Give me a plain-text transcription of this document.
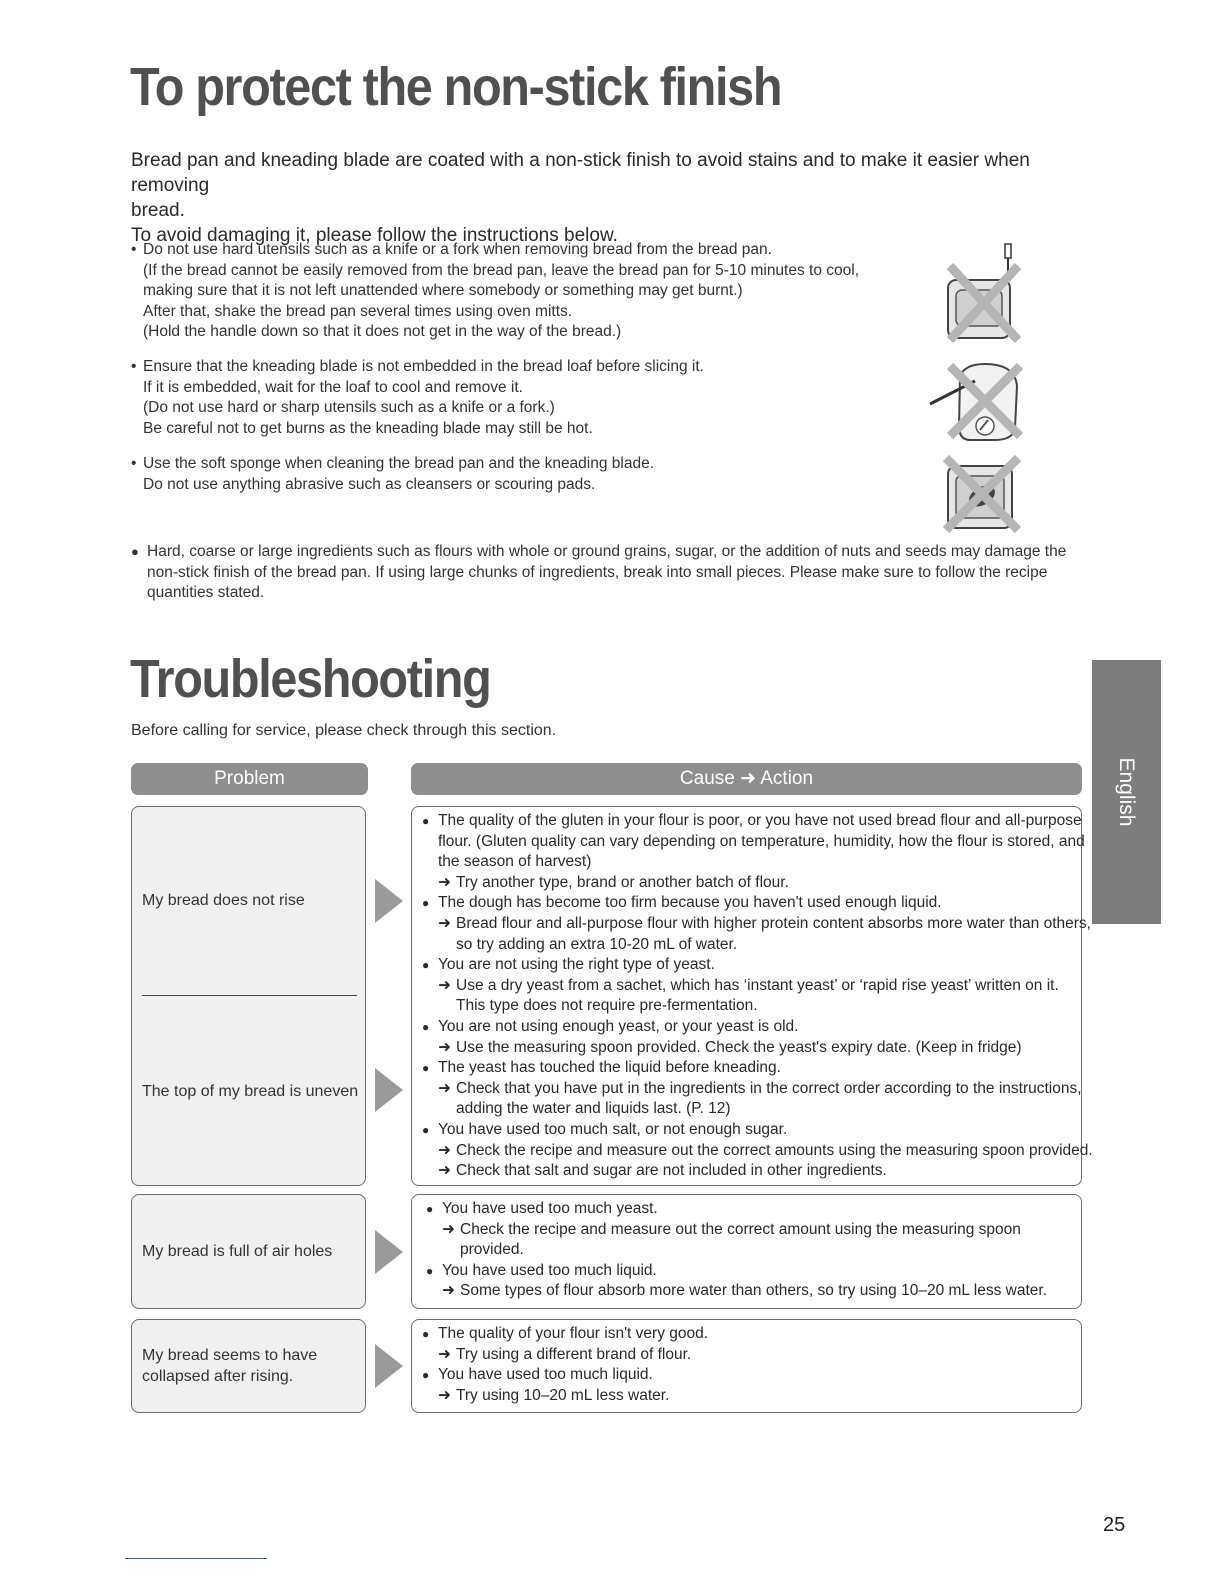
To protect the non-stick finish

Bread pan and kneading blade are coated with a non-stick finish to avoid stains and to make it easier when removing

bread.

To avoid damaging it, please follow the instructions below.

• Do not use hard utensils such as a knife or a fork when removing bread from the bread pan.
(If the bread cannot be easily removed from the bread pan, leave the bread pan for 5-10 minutes to cool,
making sure that it is not left unattended where somebody or something may get burnt.)
After that, shake the bread pan several times using oven mitts.
(Hold the handle down so that it does not get in the way of the bread.)
• Ensure that the kneading blade is not embedded in the bread loaf before slicing it.
If it is embedded, wait for the loaf to cool and remove it.
(Do not use hard or sharp utensils such as a knife or a fork.)
Be careful not to get burns as the kneading blade may still be hot.
• Use the soft sponge when cleaning the bread pan and the kneading blade.
Do not use anything abrasive such as cleansers or scouring pads.
● Hard, coarse or large ingredients such as flours with whole or ground grains, sugar, or the addition of nuts and seeds may damage the non-stick finish of the bread pan. If using large chunks of ingredients, break into small pieces. Please make sure to follow the recipe quantities stated.
Troubleshooting
Before calling for service, please check through this section.
Problem	Cause ➜ Action
My bread does not rise
The top of my bread is uneven
● The quality of the gluten in your flour is poor, or you have not used bread flour and all-purpose
flour. (Gluten quality can vary depending on temperature, humidity, how the flour is stored, and
the season of harvest)
➜ Try another type, brand or another batch of flour.
● The dough has become too firm because you haven't used enough liquid.
➜ Bread flour and all-purpose flour with higher protein content absorbs more water than others,
so try adding an extra 10-20 mL of water.
● You are not using the right type of yeast.
➜ Use a dry yeast from a sachet, which has ‘instant yeast’ or ‘rapid rise yeast’ written on it.
This type does not require pre-fermentation.
● You are not using enough yeast, or your yeast is old.
➜ Use the measuring spoon provided. Check the yeast's expiry date. (Keep in fridge)
● The yeast has touched the liquid before kneading.
➜ Check that you have put in the ingredients in the correct order according to the instructions,
adding the water and liquids last. (P. 12)
● You have used too much salt, or not enough sugar.
➜ Check the recipe and measure out the correct amounts using the measuring spoon provided.
➜ Check that salt and sugar are not included in other ingredients.
My bread is full of air holes
● You have used too much yeast.
➜ Check the recipe and measure out the correct amount using the measuring spoon
provided.
● You have used too much liquid.
➜ Some types of flour absorb more water than others, so try using 10–20 mL less water.
My bread seems to have
collapsed after rising.
● The quality of your flour isn't very good.
➜ Try using a different brand of flour.
● You have used too much liquid.
➜ Try using 10–20 mL less water.
English
25
